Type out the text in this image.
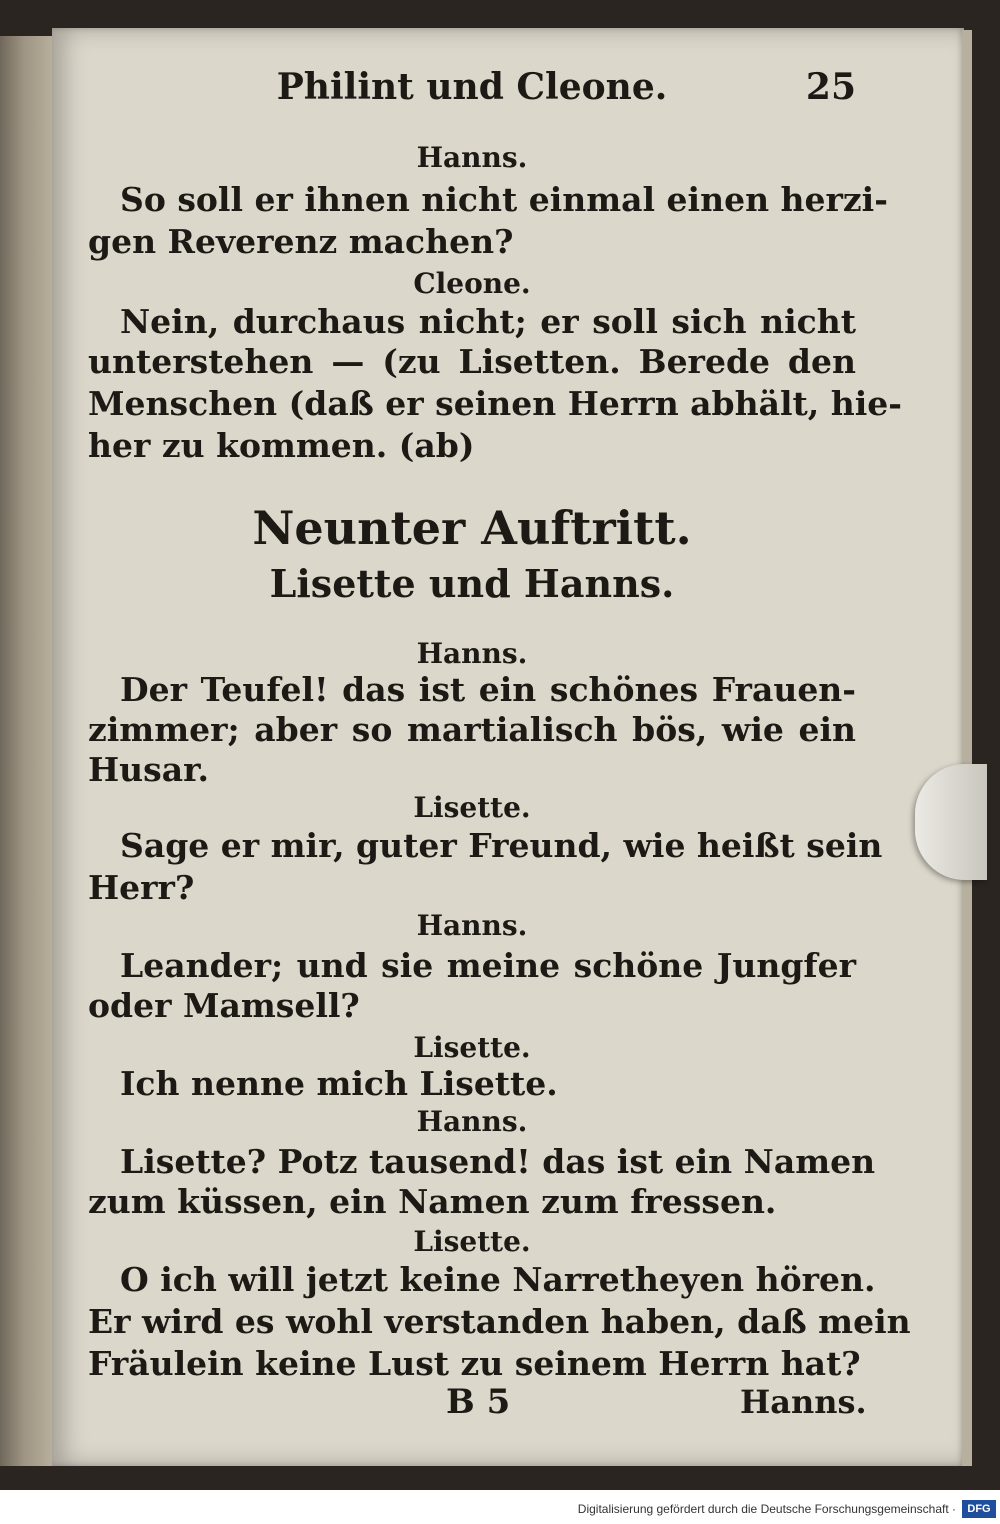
Philint und Cleone.	25
Hanns.
So soll er ihnen nicht einmal einen herzi-
gen Reverenz machen?
Cleone.
Nein, durchaus nicht; er soll sich nicht
unterstehen — (zu Lisetten. Berede den
Menschen (daß er seinen Herrn abhält, hie-
her zu kommen. (ab)
Neunter Auftritt.
Lisette und Hanns.
Hanns.
Der Teufel! das ist ein schönes Frauen-
zimmer; aber so martialisch bös, wie ein
Husar.
Lisette.
Sage er mir, guter Freund, wie heißt sein
Herr?
Hanns.
Leander; und sie meine schöne Jungfer
oder Mamsell?
Lisette.
Ich nenne mich Lisette.
Hanns.
Lisette? Potz tausend! das ist ein Namen
zum küssen, ein Namen zum fressen.
Lisette.
O ich will jetzt keine Narretheyen hören.
Er wird es wohl verstanden haben, daß mein
Fräulein keine Lust zu seinem Herrn hat?
B 5	Hanns.
Digitalisierung gefördert durch die Deutsche Forschungsgemeinschaft ·	DFG
